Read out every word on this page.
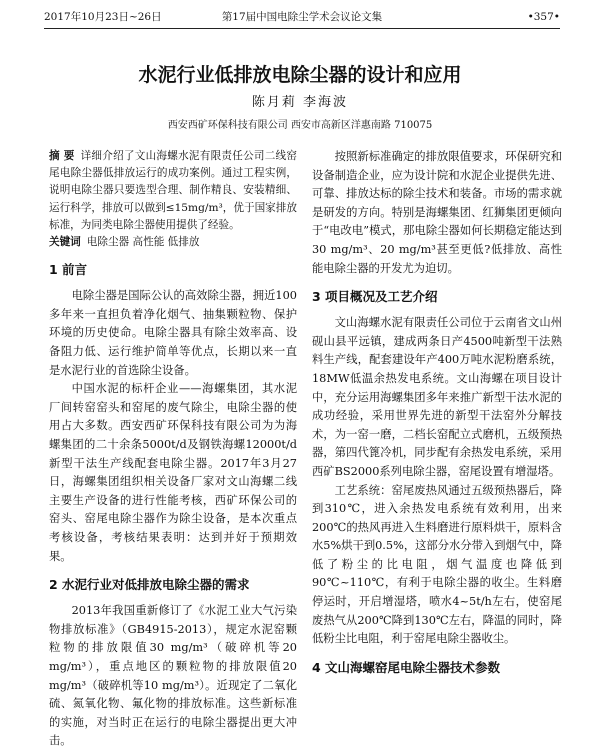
2017年10月23日~26日	第17届中国电除尘学术会议论文集	•357•
水泥行业低排放电除尘器的设计和应用
陈月莉 李海波
西安西矿环保科技有限公司 西安市高新区洋惠南路 710075

摘 要 详细介绍了文山海螺水泥有限责任公司二线窑尾电除尘器低排放运行的成功案例。通过工程实例，说明电除尘器只要选型合理、制作精良、安装精细、运行科学，排放可以做到≤15mg/m³，优于国家排放标准，为同类电除尘器使用提供了经验。

关键词 电除尘器 高性能 低排放

1 前言

电除尘器是国际公认的高效除尘器，拥近100多年来一直担负着净化烟气、抽集颗粒物、保护环境的历史使命。电除尘器具有除尘效率高、设备阻力低、运行维护简单等优点，长期以来一直是水泥行业的首选除尘设备。

中国水泥的标杆企业——海螺集团，其水泥厂间转窑窑头和窑尾的废气除尘，电除尘器的使用占大多数。西安西矿环保科技有限公司为为海螺集团的二十余条5000t/d及钢铁海螺12000t/d新型干法生产线配套电除尘器。2017年3月27日，海螺集团组织相关设备厂家对文山海螺二线主要生产设备的进行性能考核，西矿环保公司的窑头、窑尾电除尘器作为除尘设备，是本次重点考核设备，考核结果表明：达到并好于预期效果。

2 水泥行业对低排放电除尘器的需求

2013年我国重新修订了《水泥工业大气污染物排放标准》（GB4915-2013），规定水泥窑颗粒物的排放限值30 mg/m³（破碎机等20 mg/m³），重点地区的颗粒物的排放限值20 mg/m³（破碎机等10 mg/m³）。近现定了二氧化硫、氮氧化物、氟化物的排放标准。这些新标准的实施，对当时正在运行的电除尘器提出更大冲击。

按照新标准确定的排放限值要求，环保研究和设备制造企业，应为设计院和水泥企业提供先进、可靠、排放达标的除尘技术和装备。市场的需求就是研发的方向。特别是海螺集团、红狮集团更倾向于“电改电”模式，那电除尘器如何长期稳定能达到30 mg/m³、20 mg/m³甚至更低?低排放、高性能电除尘器的开发尤为迫切。

3 项目概况及工艺介绍

文山海螺水泥有限责任公司位于云南省文山州砚山县平远镇，建成两条日产4500吨新型干法熟料生产线，配套建设年产400万吨水泥粉磨系统，18MW低温余热发电系统。文山海螺在项目设计中，充分运用海螺集团多年来推广新型干法水泥的成功经验，采用世界先进的新型干法窑外分解技术，为一窑一磨，二档长窑配立式磨机，五级预热器，第四代篦冷机，同步配有余热发电系统，采用西矿BS2000系列电除尘器，窑尾设置有增湿塔。

工艺系统：窑尾废热风通过五级预热器后，降到310℃，进入余热发电系统有效利用，出来200℃的热风再进入生料磨进行原料烘干，原料含水5%烘干到0.5%，这部分水分带入到烟气中，降低了粉尘的比电阻，烟气温度也降低到90℃~110℃，有利于电除尘器的收尘。生料磨停运时，开启增湿塔，喷水4~5t/h左右，使窑尾废热气从200℃降到130℃左右，降温的同时，降低粉尘比电阻，利于窑尾电除尘器收尘。

4 文山海螺窑尾电除尘器技术参数
